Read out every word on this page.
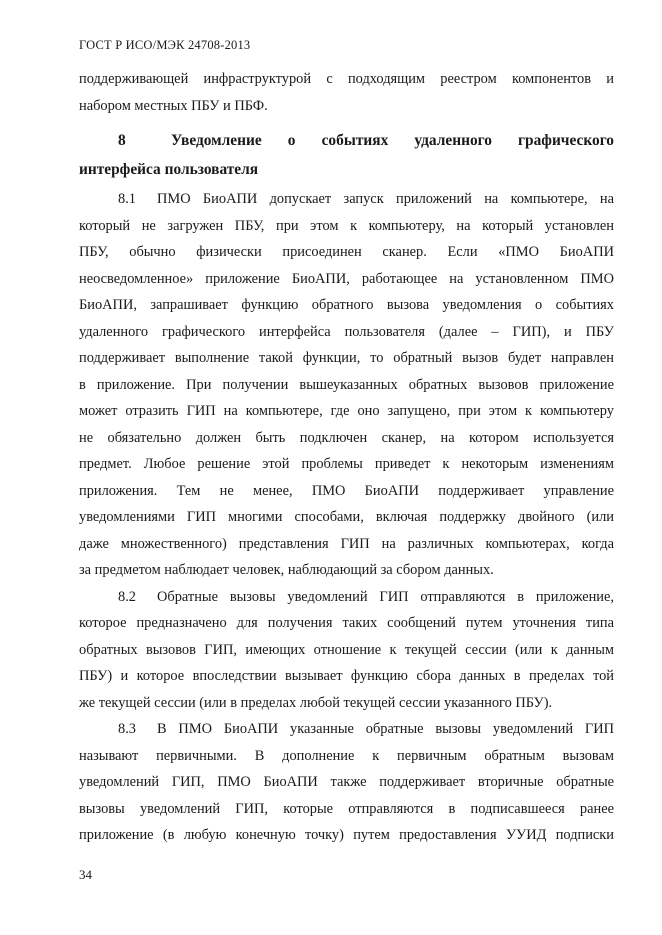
ГОСТ Р ИСО/МЭК 24708-2013
поддерживающей инфраструктурой с подходящим реестром компонентов и
набором местных ПБУ и ПБФ.
8	Уведомление о событиях удаленного графического
интерфейса пользователя
8.1 ПМО БиоАПИ допускает запуск приложений на компьютере, на
который не загружен ПБУ, при этом к компьютеру, на который установлен
ПБУ, обычно физически присоединен сканер. Если «ПМО БиоАПИ
неосведомленное» приложение БиоАПИ, работающее на установленном ПМО
БиоАПИ, запрашивает функцию обратного вызова уведомления о событиях
удаленного графического интерфейса пользователя (далее – ГИП), и ПБУ
поддерживает выполнение такой функции, то обратный вызов будет направлен
в приложение. При получении вышеуказанных обратных вызовов приложение
может отразить ГИП на компьютере, где оно запущено, при этом к компьютеру
не обязательно должен быть подключен сканер, на котором используется
предмет. Любое решение этой проблемы приведет к некоторым изменениям
приложения. Тем не менее, ПМО БиоАПИ поддерживает управление
уведомлениями ГИП многими способами, включая поддержку двойного (или
даже множественного) представления ГИП на различных компьютерах, когда
за предметом наблюдает человек, наблюдающий за сбором данных.
8.2 Обратные вызовы уведомлений ГИП отправляются в приложение,
которое предназначено для получения таких сообщений путем уточнения типа
обратных вызовов ГИП, имеющих отношение к текущей сессии (или к данным
ПБУ) и которое впоследствии вызывает функцию сбора данных в пределах той
же текущей сессии (или в пределах любой текущей сессии указанного ПБУ).
8.3 В ПМО БиоАПИ указанные обратные вызовы уведомлений ГИП
называют первичными. В дополнение к первичным обратным вызовам
уведомлений ГИП, ПМО БиоАПИ также поддерживает вторичные обратные
вызовы уведомлений ГИП, которые отправляются в подписавшееся ранее
приложение (в любую конечную точку) путем предоставления УУИД подписки
34
